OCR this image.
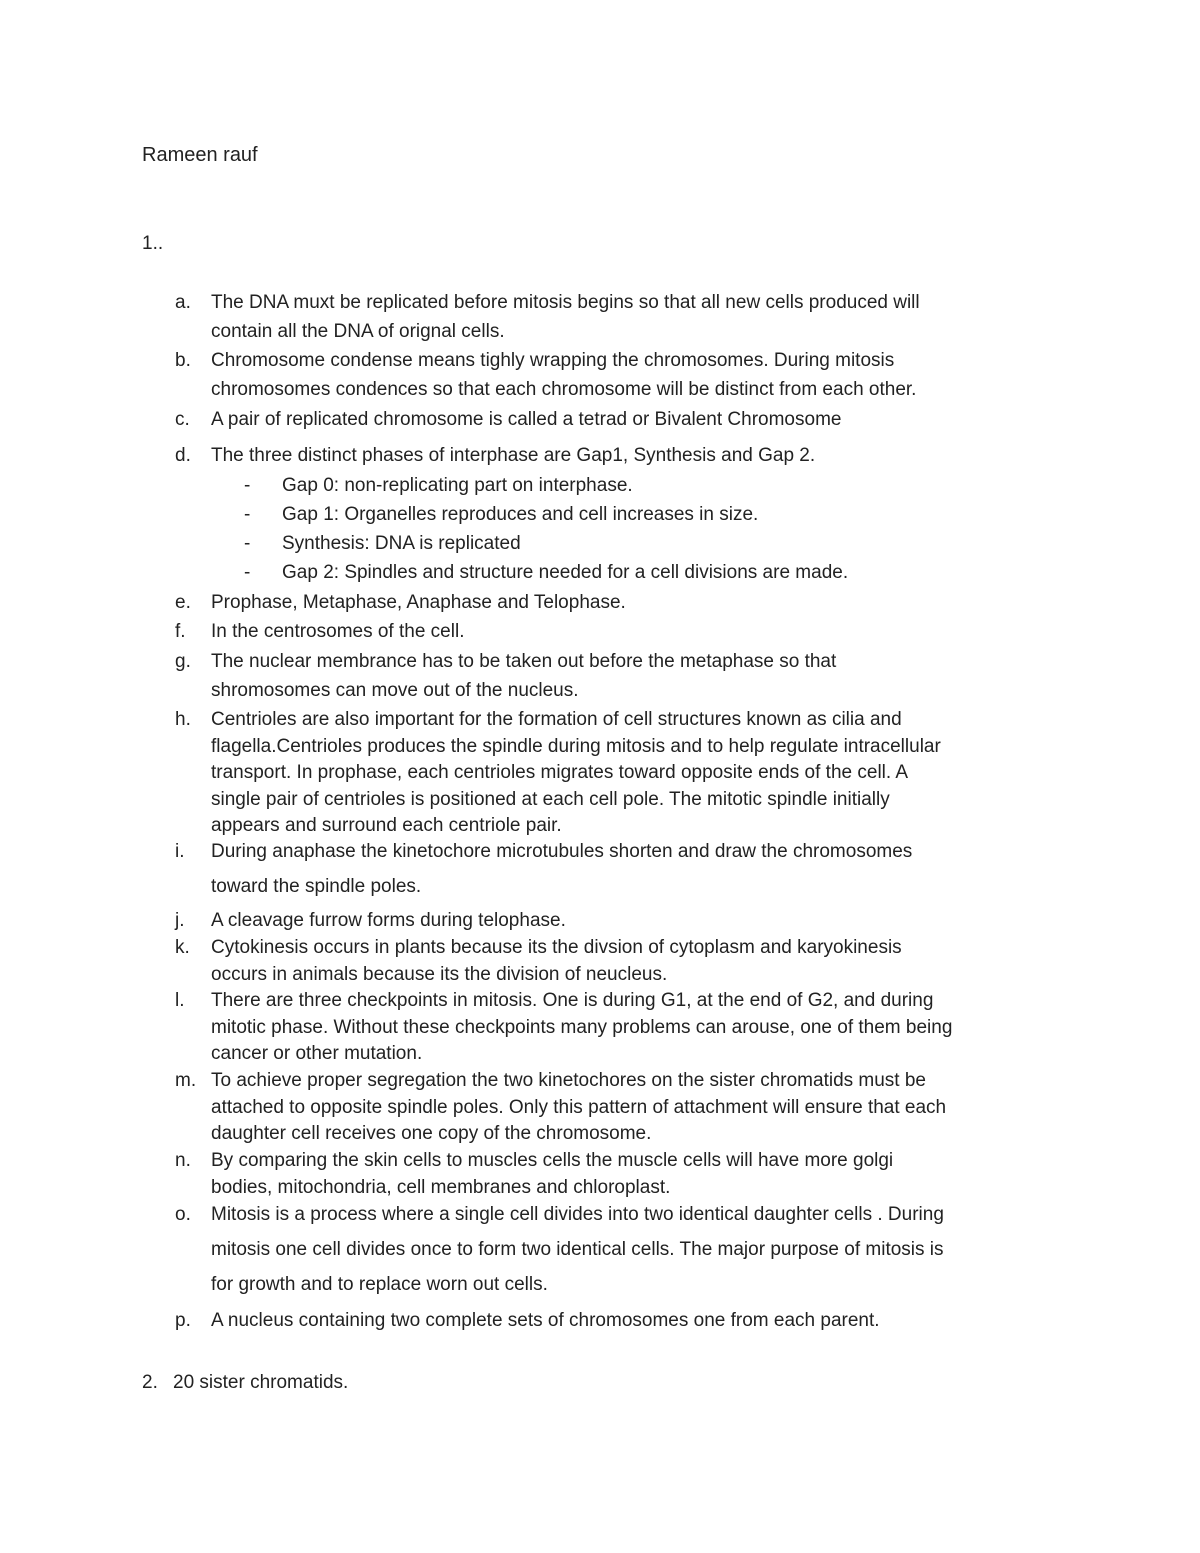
Rameen rauf

1..

a. The DNA muxt be replicated before mitosis begins so that all new cells produced will
contain all the DNA of orignal cells.
b. Chromosome condense means tighly wrapping the chromosomes. During mitosis
chromosomes condences so that each chromosome will be distinct from each other.
c. A pair of replicated chromosome is called a tetrad or Bivalent Chromosome
d. The three distinct phases of interphase are Gap1, Synthesis and Gap 2.
- Gap 0: non-replicating part on interphase.
- Gap 1: Organelles reproduces and cell increases in size.
- Synthesis: DNA is replicated
- Gap 2: Spindles and structure needed for a cell divisions are made.
e. Prophase, Metaphase, Anaphase and Telophase.
f. In the centrosomes of the cell.
g. The nuclear membrance has to be taken out before the metaphase so that
shromosomes can move out of the nucleus.
h. Centrioles are also important for the formation of cell structures known as cilia and
flagella.Centrioles produces the spindle during mitosis and to help regulate intracellular
transport. In prophase, each centrioles migrates toward opposite ends of the cell. A
single pair of centrioles is positioned at each cell pole. The mitotic spindle initially
appears and surround each centriole pair.
i. During anaphase the kinetochore microtubules shorten and draw the chromosomes
toward the spindle poles.
j. A cleavage furrow forms during telophase.
k. Cytokinesis occurs in plants because its the divsion of cytoplasm and karyokinesis
occurs in animals because its the division of neucleus.
l. There are three checkpoints in mitosis. One is during G1, at the end of G2, and during
mitotic phase. Without these checkpoints many problems can arouse, one of them being
cancer or other mutation.
m. To achieve proper segregation the two kinetochores on the sister chromatids must be
attached to opposite spindle poles. Only this pattern of attachment will ensure that each
daughter cell receives one copy of the chromosome.
n. By comparing the skin cells to muscles cells the muscle cells will have more golgi
bodies, mitochondria, cell membranes and chloroplast.
o. Mitosis is a process where a single cell divides into two identical daughter cells . During
mitosis one cell divides once to form two identical cells. The major purpose of mitosis is
for growth and to replace worn out cells.
p. A nucleus containing two complete sets of chromosomes one from each parent.

2. 20 sister chromatids.
